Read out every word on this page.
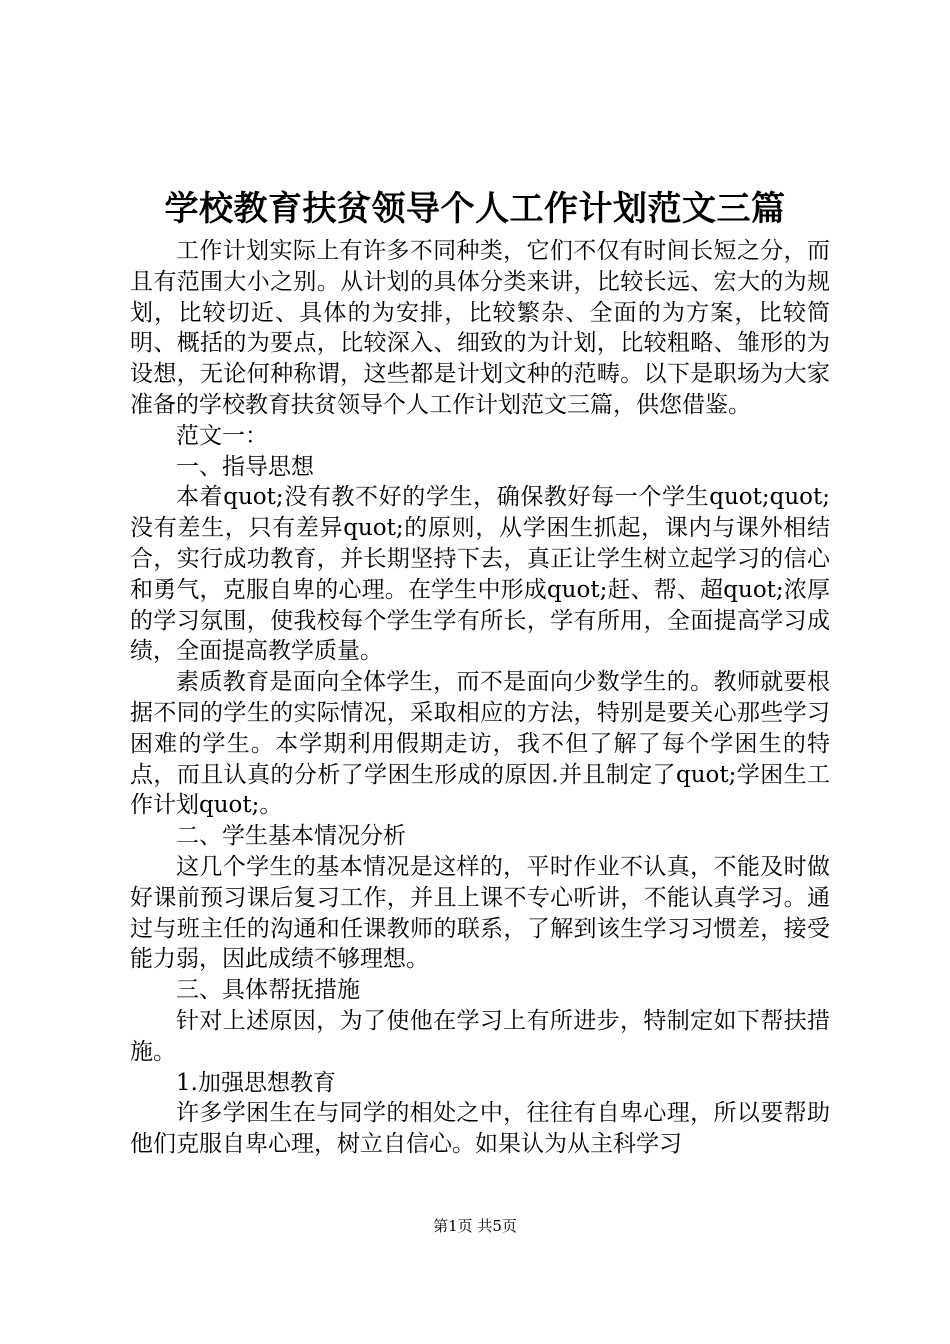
学校教育扶贫领导个人工作计划范文三篇

工作计划实际上有许多不同种类，它们不仅有时间长短之分，而且有范围大小之别。从计划的具体分类来讲，比较长远、宏大的为规划，比较切近、具体的为安排，比较繁杂、全面的为方案，比较简明、概括的为要点，比较深入、细致的为计划，比较粗略、雏形的为设想，无论何种称谓，这些都是计划文种的范畴。以下是职场为大家准备的学校教育扶贫领导个人工作计划范文三篇，供您借鉴。

范文一：

一、指导思想

本着quot;没有教不好的学生，确保教好每一个学生quot;quot;没有差生，只有差异quot;的原则，从学困生抓起，课内与课外相结合，实行成功教育，并长期坚持下去，真正让学生树立起学习的信心和勇气，克服自卑的心理。在学生中形成quot;赶、帮、超quot;浓厚的学习氛围，使我校每个学生学有所长，学有所用，全面提高学习成绩，全面提高教学质量。

素质教育是面向全体学生，而不是面向少数学生的。教师就要根据不同的学生的实际情况，采取相应的方法，特别是要关心那些学习困难的学生。本学期利用假期走访，我不但了解了每个学困生的特点，而且认真的分析了学困生形成的原因.并且制定了quot;学困生工作计划quot;。

二、学生基本情况分析

这几个学生的基本情况是这样的，平时作业不认真，不能及时做好课前预习课后复习工作，并且上课不专心听讲，不能认真学习。通过与班主任的沟通和任课教师的联系，了解到该生学习习惯差，接受能力弱，因此成绩不够理想。

三、具体帮抚措施

针对上述原因，为了使他在学习上有所进步，特制定如下帮扶措施。

1.加强思想教育

许多学困生在与同学的相处之中，往往有自卑心理，所以要帮助他们克服自卑心理，树立自信心。如果认为从主科学习

第1页 共5页
